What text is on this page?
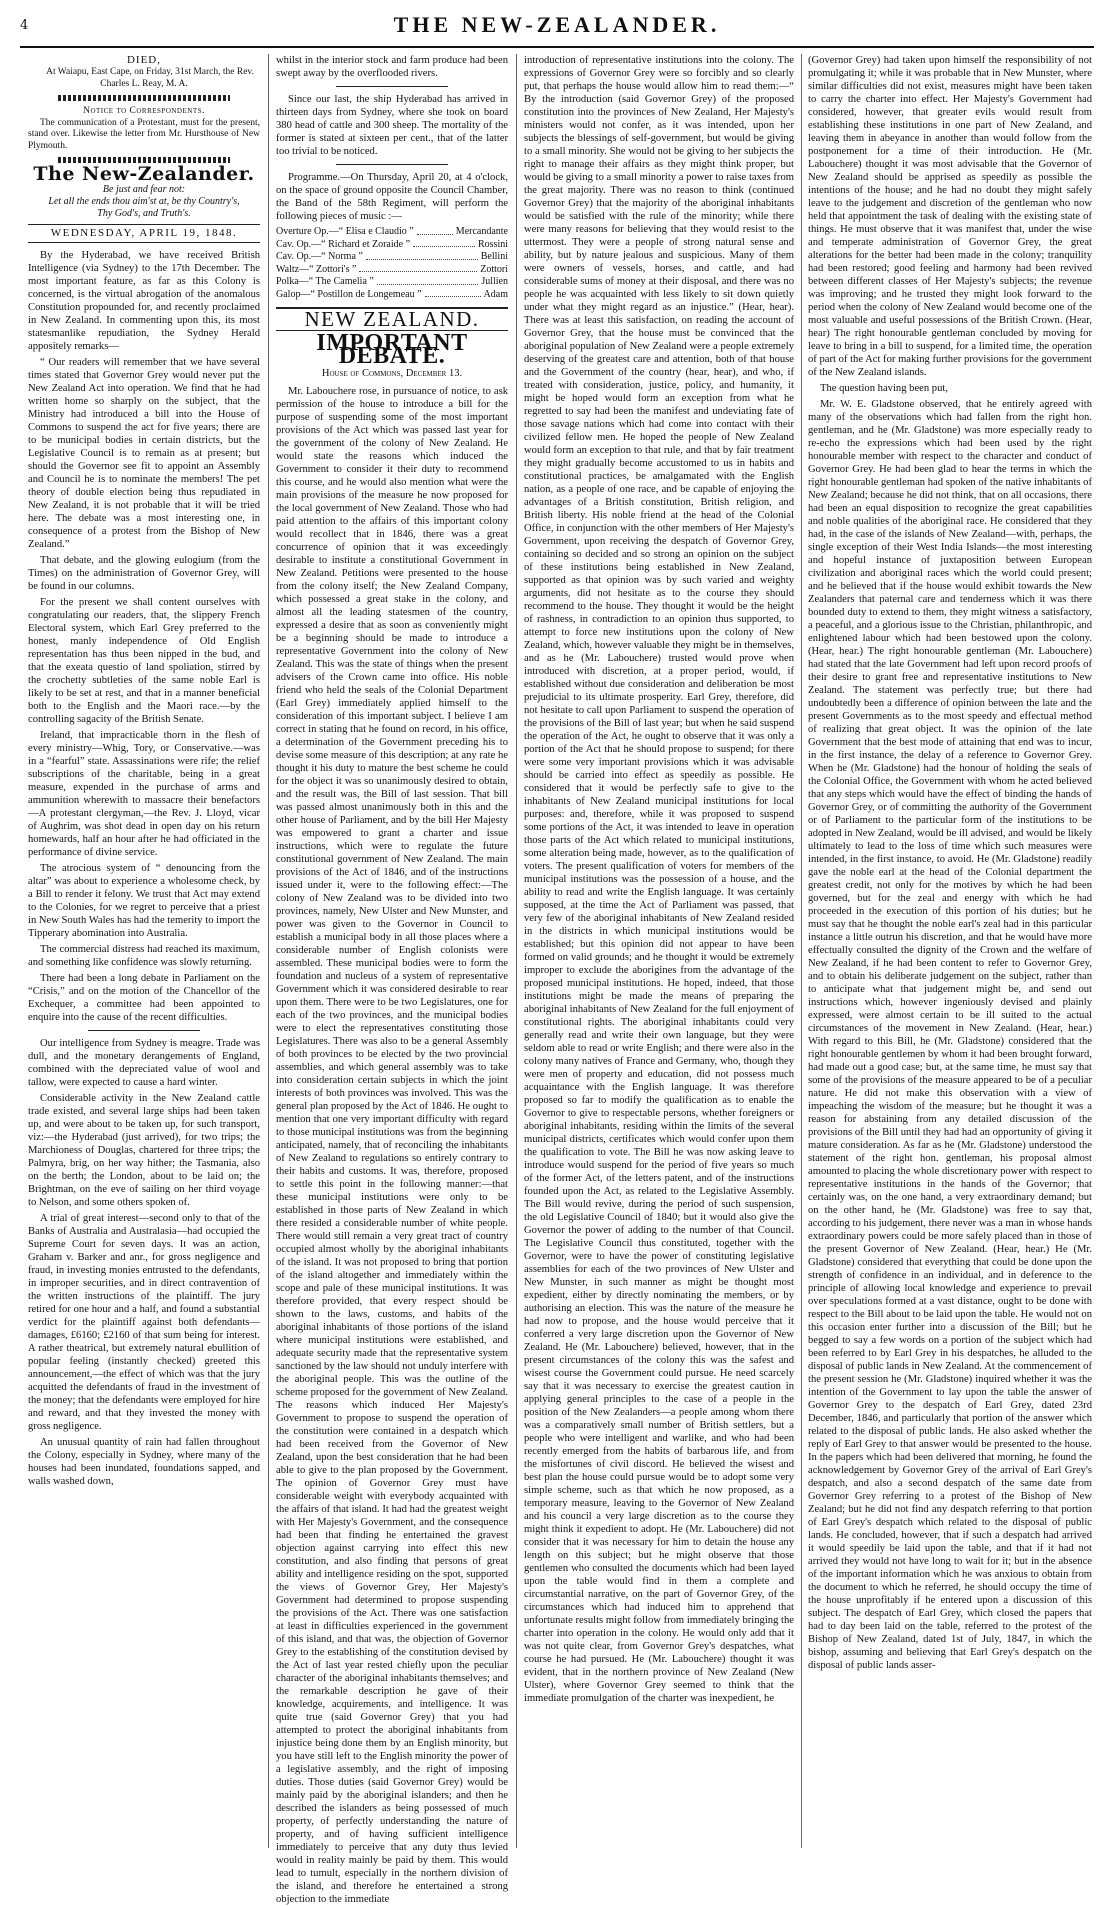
4	THE NEW-ZEALANDER.
DIED,

At Waiapu, East Cape, on Friday, 31st March, the Rev. Charles L. Reay, M. A.

Notice to Correspondents.

The communication of a Protestant, must for the present, stand over. Likewise the letter from Mr. Hursthouse of New Plymouth.

The New-Zealander.
Be just and fear not:
Let all the ends thou aim'st at, be thy Country's,
Thy God's, and Truth's.
WEDNESDAY, APRIL 19, 1848.

By the Hyderabad, we have received British Intelligence (via Sydney) to the 17th December. The most important feature, as far as this Colony is concerned, is the virtual abrogation of the anomalous Constitution propounded for, and recently proclaimed in New Zealand. In commenting upon this, its most statesmanlike repudiation, the Sydney Herald appositely remarks—

“ Our readers will remember that we have several times stated that Governor Grey would never put the New Zealand Act into operation. We find that he had written home so sharply on the subject, that the Ministry had introduced a bill into the House of Commons to suspend the act for five years; there are to be municipal bodies in certain districts, but the Legislative Council is to remain as at present; but should the Governor see fit to appoint an Assembly and Council he is to nominate the members! The pet theory of double election being thus repudiated in New Zealand, it is not probable that it will be tried here. The debate was a most interesting one, in consequence of a protest from the Bishop of New Zealand.”

That debate, and the glowing eulogium (from the Times) on the administration of Governor Grey, will be found in our columns.

For the present we shall content ourselves with congratulating our readers, that, the slippery French Electoral system, which Earl Grey preferred to the honest, manly independence of Old English representation has thus been nipped in the bud, and that the exeata questio of land spoliation, stirred by the crochetty subtleties of the same noble Earl is likely to be set at rest, and that in a manner beneficial both to the English and the Maori race.—by the controlling sagacity of the British Senate.

Ireland, that impracticable thorn in the flesh of every ministry—Whig, Tory, or Conservative.—was in a “fearful” state. Assassinations were rife; the relief subscriptions of the charitable, being in a great measure, expended in the purchase of arms and ammunition wherewith to massacre their benefactors—A protestant clergyman,—the Rev. J. Lloyd, vicar of Aughrim, was shot dead in open day on his return homewards, half an hour after he had officiated in the performance of divine service.

The atrocious system of “ denouncing from the altar” was about to experience a wholesome check, by a Bill to render it felony. We trust that Act may extend to the Colonies, for we regret to perceive that a priest in New South Wales has had the temerity to import the Tipperary abomination into Australia.

The commercial distress had reached its maximum, and something like confidence was slowly returning.

There had been a long debate in Parliament on the “Crisis,” and on the motion of the Chancellor of the Exchequer, a committee had been appointed to enquire into the cause of the recent difficulties.

Our intelligence from Sydney is meagre. Trade was dull, and the monetary derangements of England, combined with the depreciated value of wool and tallow, were expected to cause a hard winter.

Considerable activity in the New Zealand cattle trade existed, and several large ships had been taken up, and were about to be taken up, for such transport, viz:—the Hyderabad (just arrived), for two trips; the Marchioness of Douglas, chartered for three trips; the Palmyra, brig, on her way hither; the Tasmania, also on the berth; the London, about to be laid on; the Brightman, on the eve of sailing on her third voyage to Nelson, and some others spoken of.

A trial of great interest—second only to that of the Banks of Australia and Australasia—had occupied the Supreme Court for seven days. It was an action, Graham v. Barker and anr., for gross negligence and fraud, in investing monies entrusted to the defendants, in improper securities, and in direct contravention of the written instructions of the plaintiff. The jury retired for one hour and a half, and found a substantial verdict for the plaintiff against both defendants—damages, £6160; £2160 of that sum being for interest. A rather theatrical, but extremely natural ebullition of popular feeling (instantly checked) greeted this announcement,—the effect of which was that the jury acquitted the defendants of fraud in the investment of the money; that the defendants were employed for hire and reward, and that they invested the money with gross negligence.

An unusual quantity of rain had fallen throughout the Colony, especially in Sydney, where many of the houses had been inundated, foundations sapped, and walls washed down,

whilst in the interior stock and farm produce had been swept away by the overflooded rivers.

Since our last, the ship Hyderabad has arrived in thirteen days from Sydney, where she took on board 380 head of cattle and 300 sheep. The mortality of the former is stated at sixteen per cent., that of the latter too trivial to be noticed.

Programme.—On Thursday, April 20, at 4 o'clock, on the space of ground opposite the Council Chamber, the Band of the 58th Regiment, will perform the following pieces of music :—

Overture Op.—“ Elisa e Claudio ”	Mercandante
Cav. Op.—“ Richard et Zoraide ”	Rossini
Cav. Op.—“ Norma ”	Bellini
Waltz—“ Zottori's ”	Zottori
Polka—“ The Camelia ”	Jullien
Galop—“ Postillon de Longemeau ”	Adam
NEW ZEALAND.
IMPORTANT DEBATE.
House of Commons, December 13.

Mr. Labouchere rose, in pursuance of notice, to ask permission of the house to introduce a bill for the purpose of suspending some of the most important provisions of the Act which was passed last year for the government of the colony of New Zealand. He would state the reasons which induced the Government to consider it their duty to recommend this course, and he would also mention what were the main provisions of the measure he now proposed for the local government of New Zealand. Those who had paid attention to the affairs of this important colony would recollect that in 1846, there was a great concurrence of opinion that it was exceedingly desirable to institute a constitutional Government in New Zealand. Petitions were presented to the house from the colony itself; the New Zealand Company, which possessed a great stake in the colony, and almost all the leading statesmen of the country, expressed a desire that as soon as conveniently might be a beginning should be made to introduce a representative Government into the colony of New Zealand. This was the state of things when the present advisers of the Crown came into office. His noble friend who held the seals of the Colonial Department (Earl Grey) immediately applied himself to the consideration of this important subject. I believe I am correct in stating that he found on record, in his office, a determination of the Government preceding his to devise some measure of this description; at any rate he thought it his duty to mature the best scheme he could for the object it was so unanimously desired to obtain, and the result was, the Bill of last session. That bill was passed almost unanimously both in this and the other house of Parliament, and by the bill Her Majesty was empowered to grant a charter and issue instructions, which were to regulate the future constitutional government of New Zealand. The main provisions of the Act of 1846, and of the instructions issued under it, were to the following effect:—The colony of New Zealand was to be divided into two provinces, namely, New Ulster and New Munster, and power was given to the Governor in Council to establish a municipal body in all those places where a considerable number of English colonists were assembled. These municipal bodies were to form the foundation and nucleus of a system of representative Government which it was considered desirable to rear upon them. There were to be two Legislatures, one for each of the two provinces, and the municipal bodies were to elect the representatives constituting those Legislatures. There was also to be a general Assembly of both provinces to be elected by the two provincial assemblies, and which general assembly was to take into consideration certain subjects in which the joint interests of both provinces was involved. This was the general plan proposed by the Act of 1846. He ought to mention that one very important difficulty with regard to those municipal institutions was from the beginning anticipated, namely, that of reconciling the inhabitants of New Zealand to regulations so entirely contrary to their habits and customs. It was, therefore, proposed to settle this point in the following manner:—that these municipal institutions were only to be established in those parts of New Zealand in which there resided a considerable number of white people. There would still remain a very great tract of country occupied almost wholly by the aboriginal inhabitants of the island. It was not proposed to bring that portion of the island altogether and immediately within the scope and pale of these municipal institutions. It was therefore provided, that every respect should be shown to the laws, customs, and habits of the aboriginal inhabitants of those portions of the island where municipal institutions were established, and adequate security made that the representative system sanctioned by the law should not unduly interfere with the aboriginal people. This was the outline of the scheme proposed for the government of New Zealand. The reasons which induced Her Majesty's Government to propose to suspend the operation of the constitution were contained in a despatch which had been received from the Governor of New Zealand, upon the best consideration that he had been able to give to the plan proposed by the Government. The opinion of Governor Grey must have considerable weight with everybody acquainted with the affairs of that island. It had had the greatest weight with Her Majesty's Government, and the consequence had been that finding he entertained the gravest objection against carrying into effect this new constitution, and also finding that persons of great ability and intelligence residing on the spot, supported the views of Governor Grey, Her Majesty's Government had determined to propose suspending the provisions of the Act. There was one satisfaction at least in difficulties experienced in the government of this island, and that was, the objection of Governor Grey to the establishing of the constitution devised by the Act of last year rested chiefly upon the peculiar character of the aboriginal inhabitants themselves; and the remarkable description he gave of their knowledge, acquirements, and intelligence. It was quite true (said Governor Grey) that you had attempted to protect the aboriginal inhabitants from injustice being done them by an English minority, but you have still left to the English minority the power of a legislative assembly, and the right of imposing duties. Those duties (said Governor Grey) would be mainly paid by the aboriginal islanders; and then he described the islanders as being possessed of much property, of perfectly understanding the nature of property, and of having sufficient intelligence immediately to perceive that any duty thus levied would in reality mainly be paid by them. This would lead to tumult, especially in the northern division of the island, and therefore he entertained a strong objection to the immediate

introduction of representative institutions into the colony. The expressions of Governor Grey were so forcibly and so clearly put, that perhaps the house would allow him to read them:—“ By the introduction (said Governor Grey) of the proposed constitution into the provinces of New Zealand, Her Majesty's ministers would not confer, as it was intended, upon her subjects the blessings of self-government, but would be giving to a small minority. She would not be giving to her subjects the right to manage their affairs as they might think proper, but would be giving to a small minority a power to raise taxes from the great majority. There was no reason to think (continued Governor Grey) that the majority of the aboriginal inhabitants would be satisfied with the rule of the minority; while there were many reasons for believing that they would resist to the uttermost. They were a people of strong natural sense and ability, but by nature jealous and suspicious. Many of them were owners of vessels, horses, and cattle, and had considerable sums of money at their disposal, and there was no people he was acquainted with less likely to sit down quietly under what they might regard as an injustice.” (Hear, hear). There was at least this satisfaction, on reading the account of Governor Grey, that the house must be convinced that the aboriginal population of New Zealand were a people extremely deserving of the greatest care and attention, both of that house and the Government of the country (hear, hear), and who, if treated with consideration, justice, policy, and humanity, it might be hoped would form an exception from what he regretted to say had been the manifest and undeviating fate of those savage nations which had come into contact with their civilized fellow men. He hoped the people of New Zealand would form an exception to that rule, and that by fair treatment they might gradually become accustomed to us in habits and constitutional practices, be amalgamated with the English nation, as a people of one race, and be capable of enjoying the advantages of a British constitution, British religion, and British liberty. His noble friend at the head of the Colonial Office, in conjunction with the other members of Her Majesty's Government, upon receiving the despatch of Governor Grey, containing so decided and so strong an opinion on the subject of these institutions being established in New Zealand, supported as that opinion was by such varied and weighty arguments, did not hesitate as to the course they should recommend to the house. They thought it would be the height of rashness, in contradiction to an opinion thus supported, to attempt to force new institutions upon the colony of New Zealand, which, however valuable they might be in themselves, and as he (Mr. Labouchere) trusted would prove when introduced with discretion, at a proper period, would, if established without due consideration and deliberation be most prejudicial to its ultimate prosperity. Earl Grey, therefore, did not hesitate to call upon Parliament to suspend the operation of the provisions of the Bill of last year; but when he said suspend the operation of the Act, he ought to observe that it was only a portion of the Act that he should propose to suspend; for there were some very important provisions which it was advisable should be carried into effect as speedily as possible. He considered that it would be perfectly safe to give to the inhabitants of New Zealand municipal institutions for local purposes: and, therefore, while it was proposed to suspend some portions of the Act, it was intended to leave in operation those parts of the Act which related to municipal institutions, some alteration being made, however, as to the qualification of voters. The present qualification of voters for members of the municipal institutions was the possession of a house, and the ability to read and write the English language. It was certainly supposed, at the time the Act of Parliament was passed, that very few of the aboriginal inhabitants of New Zealand resided in the districts in which municipal institutions would be established; but this opinion did not appear to have been formed on valid grounds; and he thought it would be extremely improper to exclude the aborigines from the advantage of the proposed municipal institutions. He hoped, indeed, that those institutions might be made the means of preparing the aboriginal inhabitants of New Zealand for the full enjoyment of constitutional rights. The aboriginal inhabitants could very generally read and write their own language, but they were seldom able to read or write English; and there were also in the colony many natives of France and Germany, who, though they were men of property and education, did not possess much acquaintance with the English language. It was therefore proposed so far to modify the qualification as to enable the Governor to give to respectable persons, whether foreigners or aboriginal inhabitants, residing within the limits of the several municipal districts, certificates which would confer upon them the qualification to vote. The Bill he was now asking leave to introduce would suspend for the period of five years so much of the former Act, of the letters patent, and of the instructions founded upon the Act, as related to the Legislative Assembly. The Bill would revive, during the period of such suspension, the old Legislative Council of 1840; but it would also give the Governor the power of adding to the number of that Council. The Legislative Council thus constituted, together with the Governor, were to have the power of constituting legislative assemblies for each of the two provinces of New Ulster and New Munster, in such manner as might be thought most expedient, either by directly nominating the members, or by authorising an election. This was the nature of the measure he had now to propose, and the house would perceive that it conferred a very large discretion upon the Governor of New Zealand. He (Mr. Labouchere) believed, however, that in the present circumstances of the colony this was the safest and wisest course the Government could pursue. He need scarcely say that it was necessary to exercise the greatest caution in applying general principles to the case of a people in the position of the New Zealanders—a people among whom there was a comparatively small number of British settlers, but a people who were intelligent and warlike, and who had been recently emerged from the habits of barbarous life, and from the misfortunes of civil discord. He believed the wisest and best plan the house could pursue would be to adopt some very simple scheme, such as that which he now proposed, as a temporary measure, leaving to the Governor of New Zealand and his council a very large discretion as to the course they might think it expedient to adopt. He (Mr. Labouchere) did not consider that it was necessary for him to detain the house any length on this subject; but he might observe that those gentlemen who consulted the documents which had been layed upon the table would find in them a complete and circumstantial narrative, on the part of Governor Grey, of the circumstances which had induced him to apprehend that unfortunate results might follow from immediately bringing the charter into operation in the colony. He would only add that it was not quite clear, from Governor Grey's despatches, what course he had pursued. He (Mr. Labouchere) thought it was evident, that in the northern province of New Zealand (New Ulster), where Governor Grey seemed to think that the immediate promulgation of the charter was inexpedient, he

(Governor Grey) had taken upon himself the responsibility of not promulgating it; while it was probable that in New Munster, where similar difficulties did not exist, measures might have been taken to carry the charter into effect. Her Majesty's Government had considered, however, that greater evils would result from establishing these institutions in one part of New Zealand, and leaving them in abeyance in another than would follow from the postponement for a time of their introduction. He (Mr. Labouchere) thought it was most advisable that the Governor of New Zealand should be apprised as speedily as possible the intentions of the house; and he had no doubt they might safely leave to the judgement and discretion of the gentleman who now held that appointment the task of dealing with the existing state of things. He must observe that it was manifest that, under the wise and temperate administration of Governor Grey, the great alterations for the better had been made in the colony; tranquility had been restored; good feeling and harmony had been revived between different classes of Her Majesty's subjects; the revenue was improving; and he trusted they might look forward to the period when the colony of New Zealand would become one of the most valuable and useful possessions of the British Crown. (Hear, hear) The right honourable gentleman concluded by moving for leave to bring in a bill to suspend, for a limited time, the operation of part of the Act for making further provisions for the government of the New Zealand islands.

The question having been put,

Mr. W. E. Gladstone observed, that he entirely agreed with many of the observations which had fallen from the right hon. gentleman, and he (Mr. Gladstone) was more especially ready to re-echo the expressions which had been used by the right honourable member with respect to the character and conduct of Governor Grey. He had been glad to hear the terms in which the right honourable gentleman had spoken of the native inhabitants of New Zealand; because he did not think, that on all occasions, there had been an equal disposition to recognize the great capabilities and noble qualities of the aboriginal race. He considered that they had, in the case of the islands of New Zealand—with, perhaps, the single exception of their West India Islands—the most interesting and hopeful instance of juxtaposition between European civilization and aboriginal races which the world could present; and he believed that if the house would exhibit towards the New Zealanders that paternal care and tenderness which it was there bounded duty to extend to them, they might witness a satisfactory, a peaceful, and a glorious issue to the Christian, philanthropic, and enlightened labour which had been bestowed upon the colony. (Hear, hear.) The right honourable gentleman (Mr. Labouchere) had stated that the late Government had left upon record proofs of their desire to grant free and representative institutions to New Zealand. The statement was perfectly true; but there had undoubtedly been a difference of opinion between the late and the present Governments as to the most speedy and effectual method of realizing that great object. It was the opinion of the late Government that the best mode of attaining that end was to incur, in the first instance, the delay of a reference to Governor Grey. When he (Mr. Gladstone) had the honour of holding the seals of the Colonial Office, the Government with whom he acted believed that any steps which would have the effect of binding the hands of Governor Grey, or of committing the authority of the Government or of Parliament to the particular form of the institutions to be adopted in New Zealand, would be ill advised, and would be likely ultimately to lead to the loss of time which such measures were intended, in the first instance, to avoid. He (Mr. Gladstone) readily gave the noble earl at the head of the Colonial department the greatest credit, not only for the motives by which he had been governed, but for the zeal and energy with which he had proceeded in the execution of this portion of his duties; but he must say that he thought the noble earl's zeal had in this particular instance a little outrun his discretion, and that he would have more effectually consulted the dignity of the Crown and the welfare of New Zealand, if he had been content to refer to Governor Grey, and to obtain his deliberate judgement on the subject, rather than to anticipate what that judgement might be, and send out instructions which, however ingeniously devised and plainly expressed, were almost certain to be ill suited to the actual circumstances of the movement in New Zealand. (Hear, hear.) With regard to this Bill, he (Mr. Gladstone) considered that the right honourable gentlemen by whom it had been brought forward, had made out a good case; but, at the same time, he must say that some of the provisions of the measure appeared to be of a peculiar nature. He did not make this observation with a view of impeaching the wisdom of the measure; but he thought it was a reason for abstaining from any detailed discussion of the provisions of the Bill until they had had an opportunity of giving it mature consideration. As far as he (Mr. Gladstone) understood the statement of the right hon. gentleman, his proposal almost amounted to placing the whole discretionary power with respect to representative institutions in the hands of the Governor; that certainly was, on the one hand, a very extraordinary demand; but on the other hand, he (Mr. Gladstone) was free to say that, according to his judgement, there never was a man in whose hands extraordinary powers could be more safely placed than in those of the present Governor of New Zealand. (Hear, hear.) He (Mr. Gladstone) considered that everything that could be done upon the strength of confidence in an individual, and in deference to the principle of allowing local knowledge and experience to prevail over speculations formed at a vast distance, ought to be done with respect to the Bill about to be laid upon the table. He would not on this occasion enter further into a discussion of the Bill; but he begged to say a few words on a portion of the subject which had been referred to by Earl Grey in his despatches, he alluded to the disposal of public lands in New Zealand. At the commencement of the present session he (Mr. Gladstone) inquired whether it was the intention of the Government to lay upon the table the answer of Governor Grey to the despatch of Earl Grey, dated 23rd December, 1846, and particularly that portion of the answer which related to the disposal of public lands. He also asked whether the reply of Earl Grey to that answer would be presented to the house. In the papers which had been delivered that morning, he found the acknowledgement by Governor Grey of the arrival of Earl Grey's despatch, and also a second despatch of the same date from Governor Grey referring to a protest of the Bishop of New Zealand; but he did not find any despatch referring to that portion of Earl Grey's despatch which related to the disposal of public lands. He concluded, however, that if such a despatch had arrived it would speedily be laid upon the table, and that if it had not arrived they would not have long to wait for it; but in the absence of the important information which he was anxious to obtain from the document to which he referred, he should occupy the time of the house unprofitably if he entered upon a discussion of this subject. The despatch of Earl Grey, which closed the papers that had to day been laid on the table, referred to the protest of the Bishop of New Zealand, dated 1st of July, 1847, in which the bishop, assuming and believing that Earl Grey's despatch on the disposal of public lands asser-
